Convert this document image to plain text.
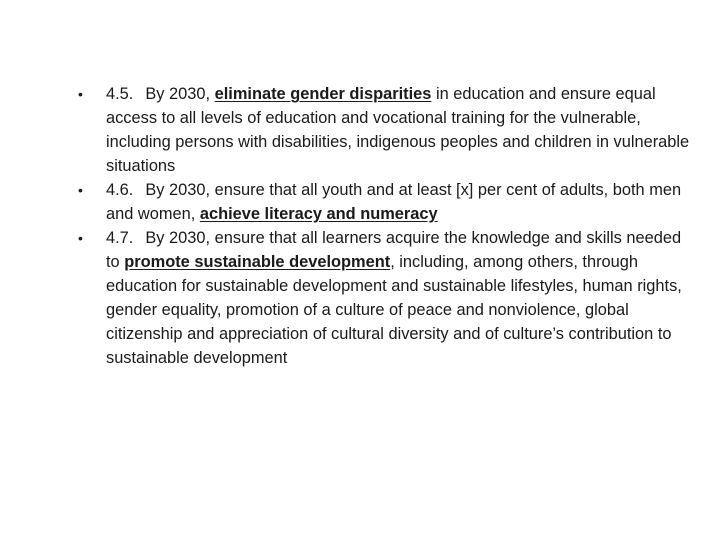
•	4.5. By 2030, eliminate gender disparities in education and ensure equal access to all levels of education and vocational training for the vulnerable, including persons with disabilities, indigenous peoples and children in vulnerable situations
•	4.6. By 2030, ensure that all youth and at least [x] per cent of adults, both men and women, achieve literacy and numeracy
•	4.7. By 2030, ensure that all learners acquire the knowledge and skills needed to promote sustainable development, including, among others, through education for sustainable development and sustainable lifestyles, human rights, gender equality, promotion of a culture of peace and nonviolence, global citizenship and appreciation of cultural diversity and of culture’s contribution to sustainable development
